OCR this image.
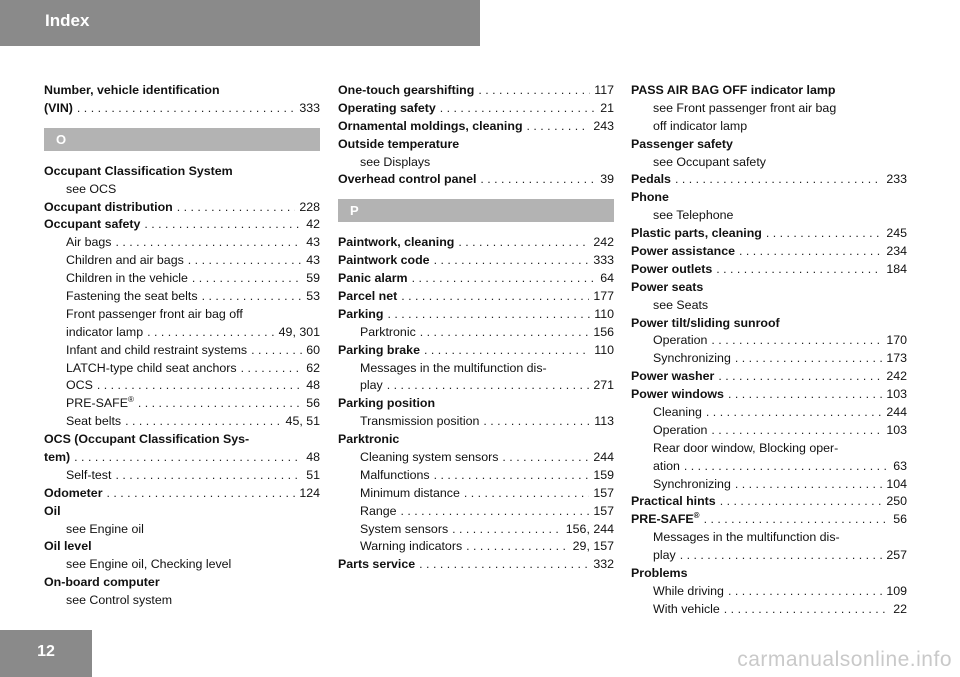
Index
Number, vehicle identification
(VIN) . . .	333
O
Occupant Classification System
see OCS
Occupant distribution . . .	228
Occupant safety . . .	42
Air bags . . .	43
Children and air bags . . .	43
Children in the vehicle . . .	59
Fastening the seat belts . . .	53
Front passenger front air bag off
indicator lamp . . .	49, 301
Infant and child restraint systems . . .	60
LATCH-type child seat anchors . . .	62
OCS . . .	48
PRE-SAFE® . . .	56
Seat belts . . .	45, 51
OCS (Occupant Classification Sys-
tem) . . .	48
Self-test . . .	51
Odometer . . .	124
Oil
see Engine oil
Oil level
see Engine oil, Checking level
On-board computer
see Control system
One-touch gearshifting . . .	117
Operating safety . . .	21
Ornamental moldings, cleaning . . .	243
Outside temperature
see Displays
Overhead control panel . . .	39
P
Paintwork, cleaning . . .	242
Paintwork code . . .	333
Panic alarm . . .	64
Parcel net . . .	177
Parking . . .	110
Parktronic . . .	156
Parking brake . . .	110
Messages in the multifunction dis-
play . . .	271
Parking position
Transmission position . . .	113
Parktronic
Cleaning system sensors . . .	244
Malfunctions . . .	159
Minimum distance . . .	157
Range . . .	157
System sensors . . .	156, 244
Warning indicators . . .	29, 157
Parts service . . .	332
PASS AIR BAG OFF indicator lamp
see Front passenger front air bag
off indicator lamp
Passenger safety
see Occupant safety
Pedals . . .	233
Phone
see Telephone
Plastic parts, cleaning . . .	245
Power assistance . . .	234
Power outlets . . .	184
Power seats
see Seats
Power tilt/sliding sunroof
Operation . . .	170
Synchronizing . . .	173
Power washer . . .	242
Power windows . . .	103
Cleaning . . .	244
Operation . . .	103
Rear door window, Blocking oper-
ation . . .	63
Synchronizing . . .	104
Practical hints . . .	250
PRE-SAFE® . . .	56
Messages in the multifunction dis-
play . . .	257
Problems
While driving . . .	109
With vehicle . . .	22
12	carmanualsonline.info
